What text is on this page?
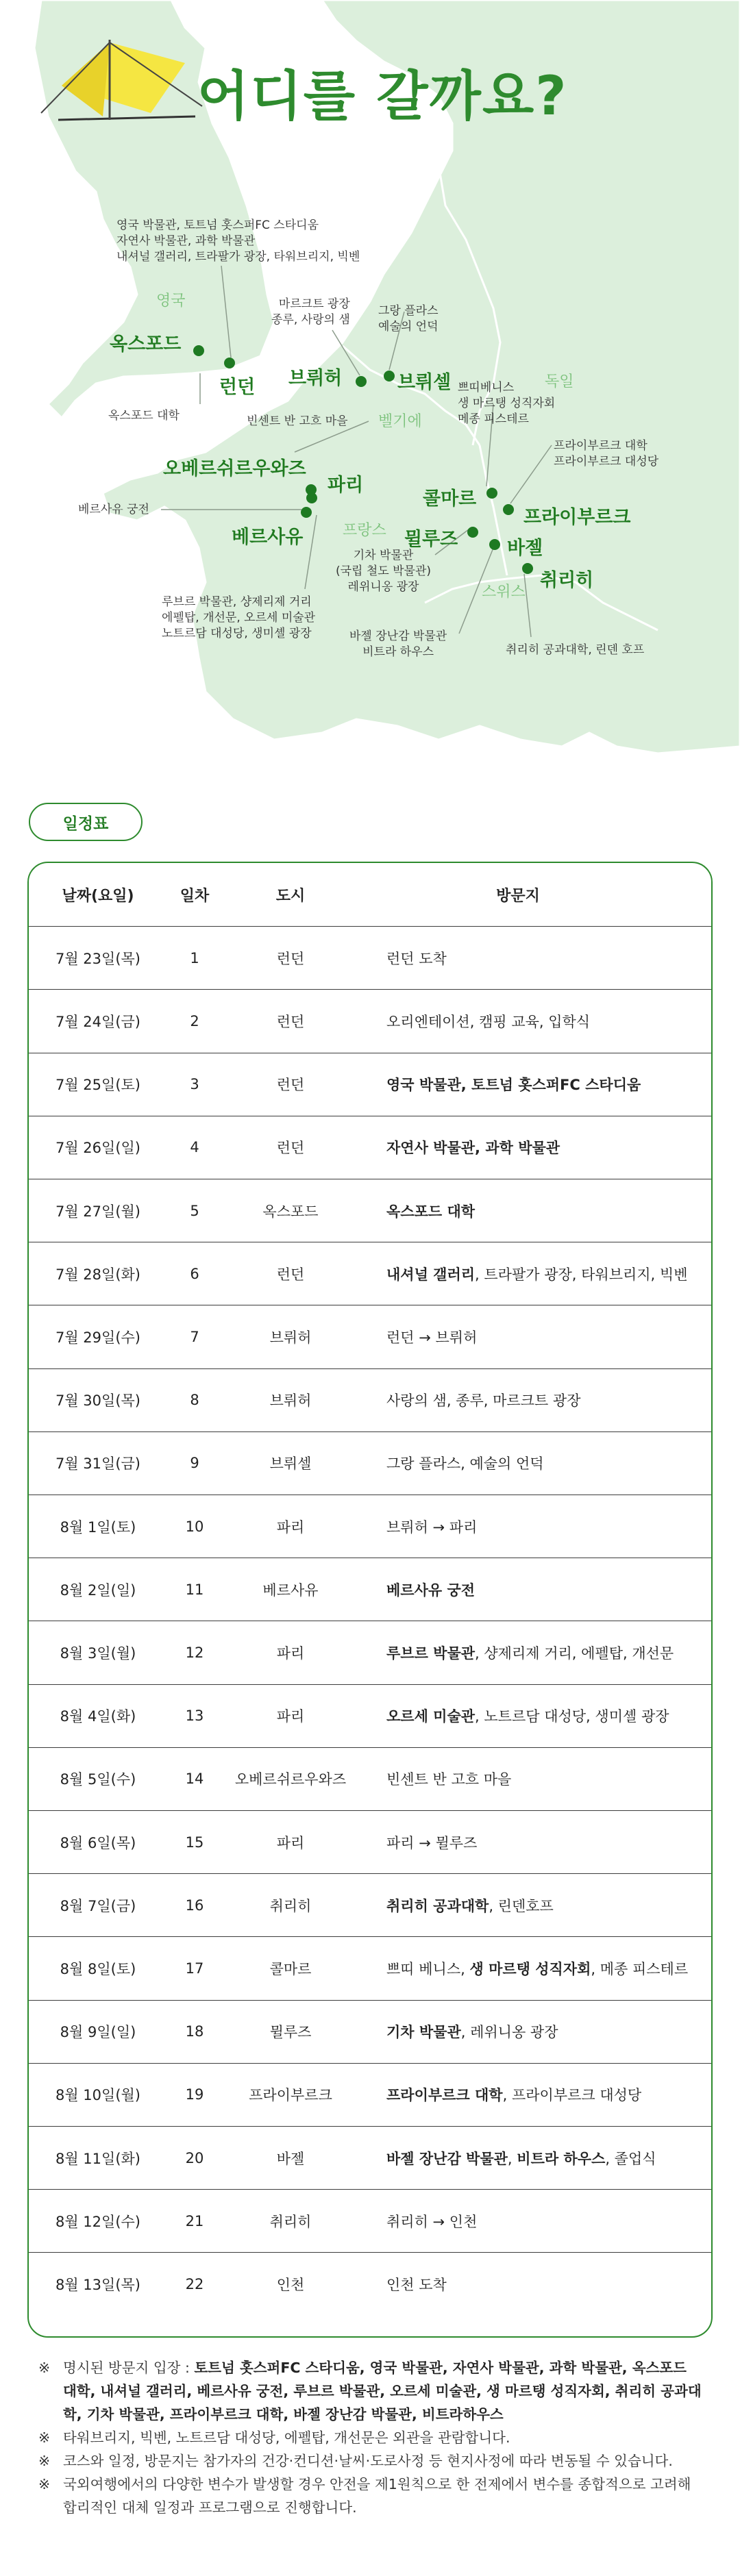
어디를 갈까요?
영국
벨기에
독일
프랑스
스위스
옥스포드
런던 브뤼허	브뤼셀
오베르쉬르우와즈
파리
베르사유
콜마르
프라이부르크
뮐루즈	바젤
취리히
영국 박물관, 토트넘 홋스퍼FC 스타디움
자연사 박물관, 과학 박물관
내셔널 갤러리, 트라팔가 광장, 타워브리지, 빅벤
마르크트 광장
종루, 사랑의 샘
그랑 플라스
예술의 언덕
옥스포드 대학	빈센트 반 고흐 마을
쁘띠베니스
생 마르탱 성직자회
메종 피스테르
프라이부르크 대학
프라이부르크 대성당
베르사유 궁전
기차 박물관
(국립 철도 박물관)
레위니옹 광장
루브르 박물관, 샹제리제 거리
에펠탑, 개선문, 오르세 미술관
노트르담 대성당, 생미셸 광장	바젤 장난감 박물관
비트라 하우스	취리히 공과대학, 린덴 호프
일정표
날짜(요일)	일차	도시	방문지
7월 23일(목)	1	런던	런던 도착
7월 24일(금)	2	런던	오리엔테이션, 캠핑 교육, 입학식
7월 25일(토)	3	런던	영국 박물관, 토트넘 홋스퍼FC 스타디움
7월 26일(일)	4	런던	자연사 박물관, 과학 박물관
7월 27일(월)	5	옥스포드	옥스포드 대학
7월 28일(화)	6	런던	내셔널 갤러리, 트라팔가 광장, 타워브리지, 빅벤
7월 29일(수)	7	브뤼허	런던 → 브뤼허
7월 30일(목)	8	브뤼허	사랑의 샘, 종루, 마르크트 광장
7월 31일(금)	9	브뤼셀	그랑 플라스, 예술의 언덕
8월 1일(토)	10	파리	브뤼허 → 파리
8월 2일(일)	11	베르사유	베르사유 궁전
8월 3일(월)	12	파리	루브르 박물관, 샹제리제 거리, 에펠탑, 개선문
8월 4일(화)	13	파리	오르세 미술관, 노트르담 대성당, 생미셸 광장
8월 5일(수)	14	오베르쉬르우와즈	빈센트 반 고흐 마을
8월 6일(목)	15	파리	파리 → 뮐루즈
8월 7일(금)	16	취리히	취리히 공과대학, 린덴호프
8월 8일(토)	17	콜마르	쁘띠 베니스, 생 마르탱 성직자회, 메종 피스테르
8월 9일(일)	18	뮐루즈	기차 박물관, 레위니옹 광장
8월 10일(월)	19	프라이부르크	프라이부르크 대학, 프라이부르크 대성당
8월 11일(화)	20	바젤	바젤 장난감 박물관, 비트라 하우스, 졸업식
8월 12일(수)	21	취리히	취리히 → 인천
8월 13일(목)	22	인천	인천 도착
※ 명시된 방문지 입장 : 토트넘 홋스퍼FC 스타디움, 영국 박물관, 자연사 박물관, 과학 박물관, 옥스포드 대학, 내셔널 갤러리, 베르사유 궁전, 루브르 박물관, 오르세 미술관, 생 마르탱 성직자회, 취리히 공과대학, 기차 박물관, 프라이부르크 대학, 바젤 장난감 박물관, 비트라하우스
※ 타워브리지, 빅벤, 노트르담 대성당, 에펠탑, 개선문은 외관을 관람합니다.
※ 코스와 일정, 방문지는 참가자의 건강·컨디션·날씨·도로사정 등 현지사정에 따라 변동될 수 있습니다.
※ 국외여행에서의 다양한 변수가 발생할 경우 안전을 제1원칙으로 한 전제에서 변수를 종합적으로 고려해 합리적인 대체 일정과 프로그램으로 진행합니다.
